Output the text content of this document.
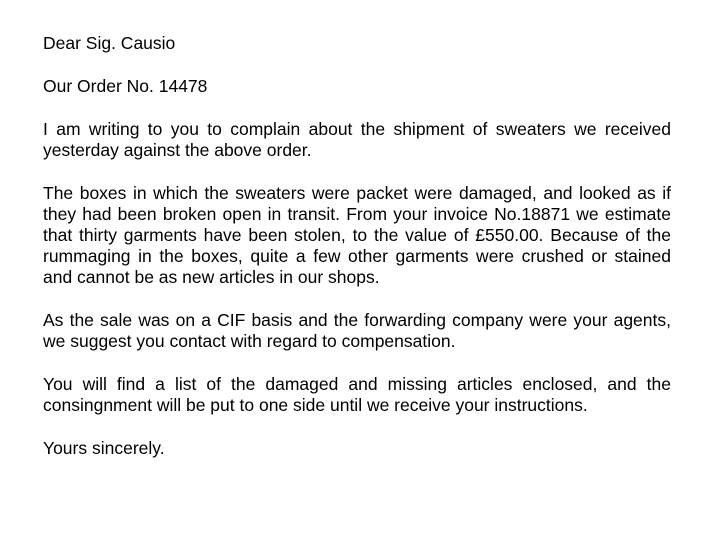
Dear Sig. Causio

Our Order No. 14478

I am writing to you to complain about the shipment of sweaters we received yesterday against the above order.

The boxes in which the sweaters were packet were damaged, and looked as if they had been broken open in transit. From your invoice No.18871 we estimate that thirty garments have been stolen, to the value of £550.00. Because of the rummaging in the boxes, quite a few other garments were crushed or stained and cannot be as new articles in our shops.

As the sale was on a CIF basis and the forwarding company were your agents, we suggest you contact with regard to compensation.

You will find a list of the damaged and missing articles enclosed, and the consingnment will be put to one side until we receive your instructions.

Yours sincerely.
